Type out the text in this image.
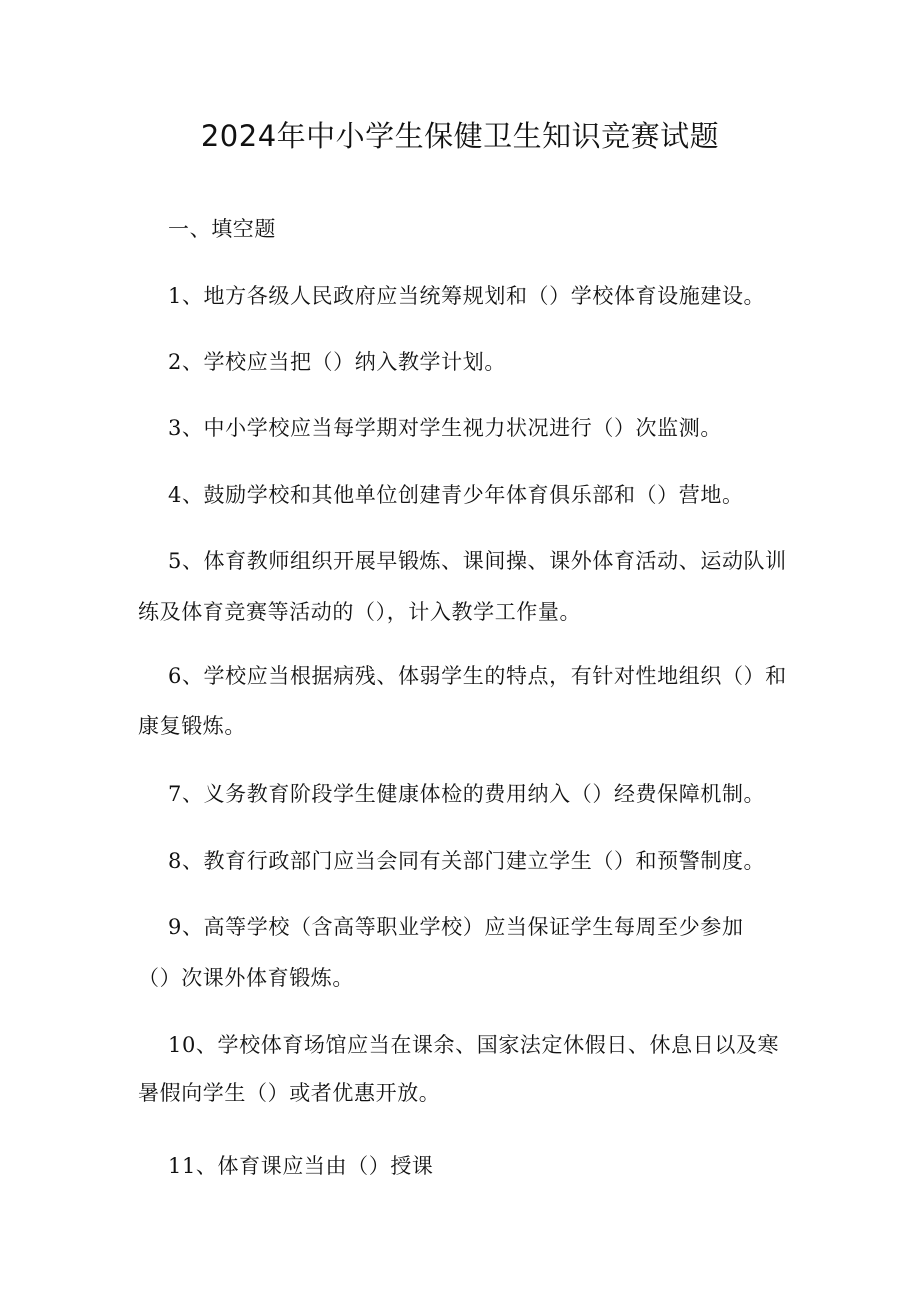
2024年中小学生保健卫生知识竞赛试题
一、填空题
1、地方各级人民政府应当统筹规划和（）学校体育设施建设。
2、学校应当把（）纳入教学计划。
3、中小学校应当每学期对学生视力状况进行（）次监测。
4、鼓励学校和其他单位创建青少年体育俱乐部和（）营地。
5、体育教师组织开展早锻炼、课间操、课外体育活动、运动队训
练及体育竞赛等活动的（），计入教学工作量。
6、学校应当根据病残、体弱学生的特点，有针对性地组织（）和
康复锻炼。
7、义务教育阶段学生健康体检的费用纳入（）经费保障机制。
8、教育行政部门应当会同有关部门建立学生（）和预警制度。
9、高等学校（含高等职业学校）应当保证学生每周至少参加
（）次课外体育锻炼。
10、学校体育场馆应当在课余、国家法定休假日、休息日以及寒
暑假向学生（）或者优惠开放。
11、体育课应当由（）授课
